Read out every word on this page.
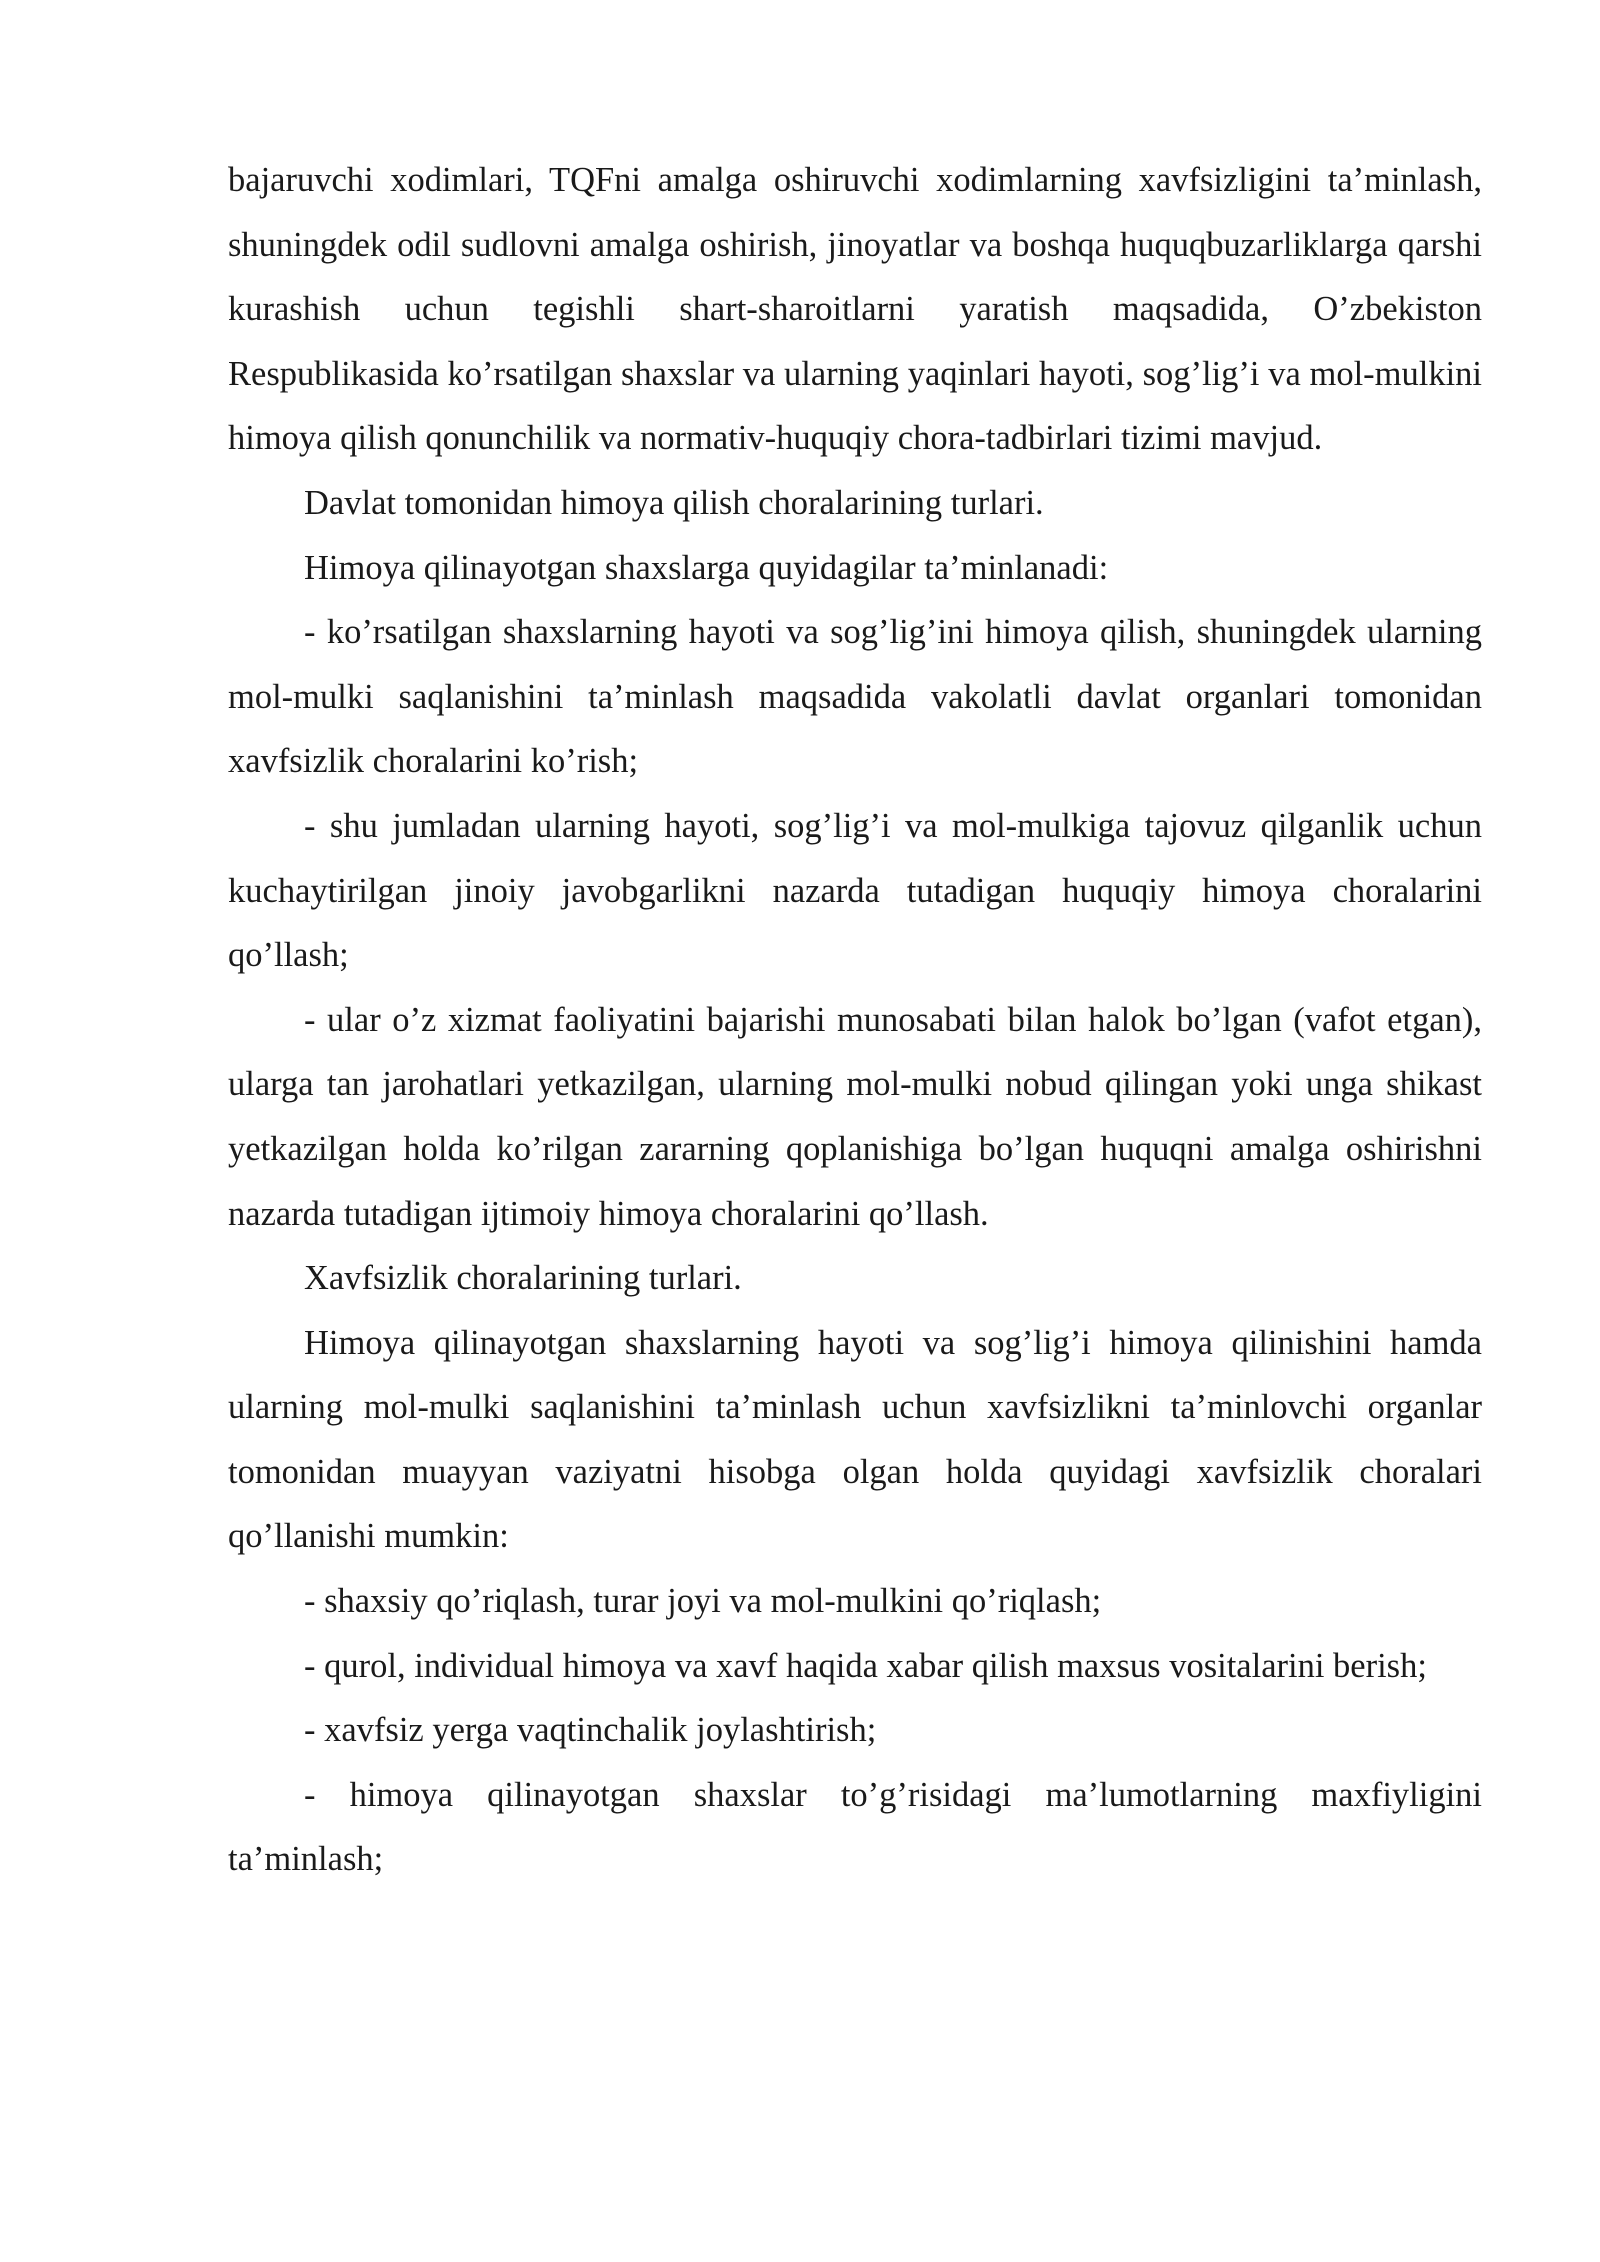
bajaruvchi xodimlari, TQFni amalga oshiruvchi xodimlarning xavfsizligini ta’minlash, shuningdek odil sudlovni amalga oshirish, jinoyatlar va boshqa huquqbuzarliklarga qarshi kurashish uchun tegishli shart-sharoitlarni yaratish maqsadida, O’zbekiston Respublikasida ko’rsatilgan shaxslar va ularning yaqinlari hayoti, sog’lig’i va mol-mulkini himoya qilish qonunchilik va normativ-huquqiy chora-tadbirlari tizimi mavjud.

Davlat tomonidan himoya qilish choralarining turlari.

Himoya qilinayotgan shaxslarga quyidagilar ta’minlanadi:

- ko’rsatilgan shaxslarning hayoti va sog’lig’ini himoya qilish, shuningdek ularning mol-mulki saqlanishini ta’minlash maqsadida vakolatli davlat organlari tomonidan xavfsizlik choralarini ko’rish;

- shu jumladan ularning hayoti, sog’lig’i va mol-mulkiga tajovuz qilganlik uchun kuchaytirilgan jinoiy javobgarlikni nazarda tutadigan huquqiy himoya choralarini qo’llash;

- ular o’z xizmat faoliyatini bajarishi munosabati bilan halok bo’lgan (vafot etgan), ularga tan jarohatlari yetkazilgan, ularning mol-mulki nobud qilingan yoki unga shikast yetkazilgan holda ko’rilgan zararning qoplanishiga bo’lgan huquqni amalga oshirishni nazarda tutadigan ijtimoiy himoya choralarini qo’llash.

Xavfsizlik choralarining turlari.

Himoya qilinayotgan shaxslarning hayoti va sog’lig’i himoya qilinishini hamda ularning mol-mulki saqlanishini ta’minlash uchun xavfsizlikni ta’minlovchi organlar tomonidan muayyan vaziyatni hisobga olgan holda quyidagi xavfsizlik choralari qo’llanishi mumkin:

- shaxsiy qo’riqlash, turar joyi va mol-mulkini qo’riqlash;

- qurol, individual himoya va xavf haqida xabar qilish maxsus vositalarini berish;

- xavfsiz yerga vaqtinchalik joylashtirish;

- himoya qilinayotgan shaxslar to’g’risidagi ma’lumotlarning maxfiyligini ta’minlash;
